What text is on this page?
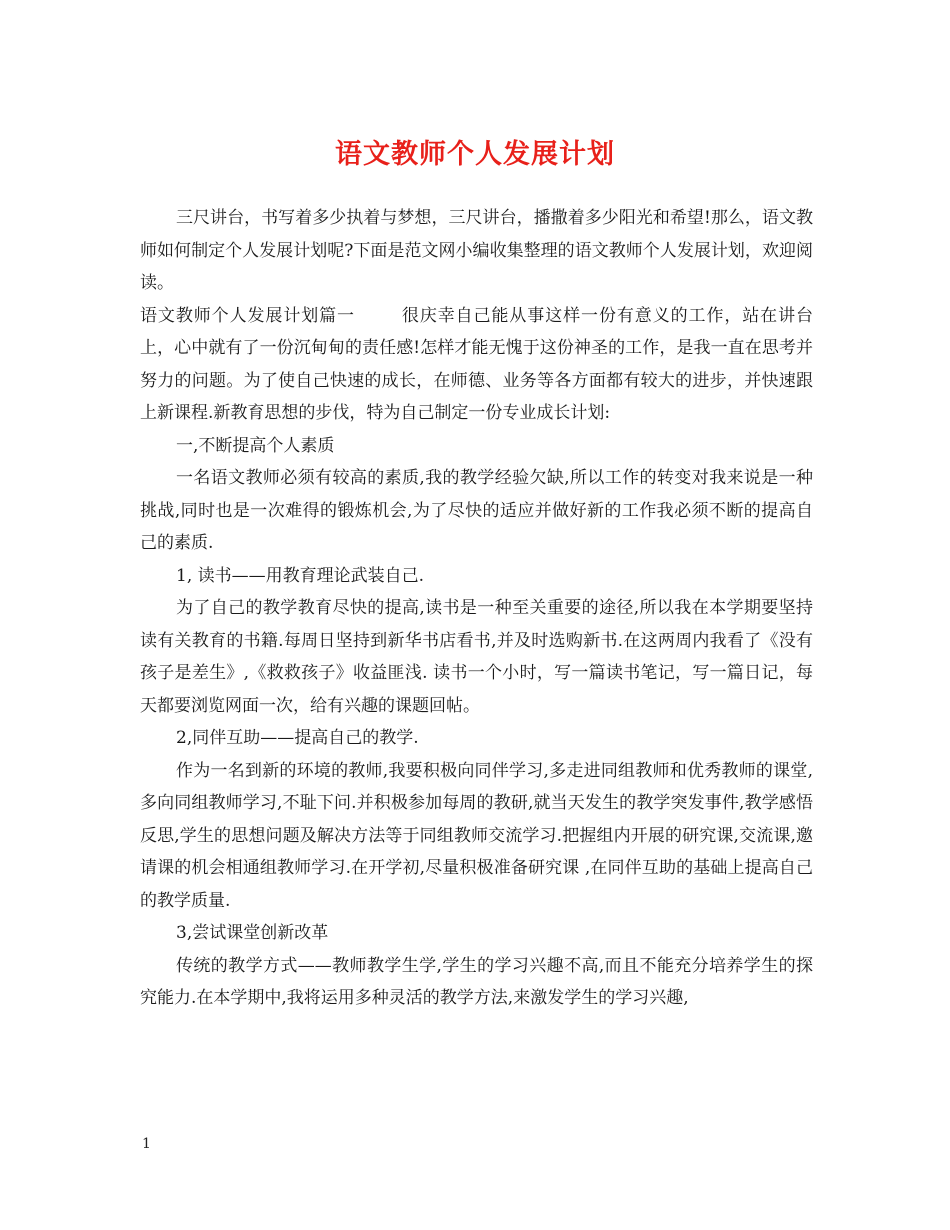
语文教师个人发展计划

三尺讲台，书写着多少执着与梦想，三尺讲台，播撒着多少阳光和希望!那么，语文教师如何制定个人发展计划呢?下面是范文网小编收集整理的语文教师个人发展计划，欢迎阅读。

语文教师个人发展计划篇一	很庆幸自己能从事这样一份有意义的工作，站在讲台上，心中就有了一份沉甸甸的责任感!怎样才能无愧于这份神圣的工作，是我一直在思考并努力的问题。为了使自己快速的成长，在师德、业务等各方面都有较大的进步，并快速跟上新课程.新教育思想的步伐，特为自己制定一份专业成长计划:

一,不断提高个人素质

一名语文教师必须有较高的素质,我的教学经验欠缺,所以工作的转变对我来说是一种挑战,同时也是一次难得的锻炼机会,为了尽快的适应并做好新的工作我必须不断的提高自己的素质.

1, 读书——用教育理论武装自己.

为了自己的教学教育尽快的提高,读书是一种至关重要的途径,所以我在本学期要坚持读有关教育的书籍.每周日坚持到新华书店看书,并及时选购新书.在这两周内我看了《没有孩子是差生》,《救救孩子》收益匪浅. 读书一个小时，写一篇读书笔记，写一篇日记，每天都要浏览网面一次，给有兴趣的课题回帖。

2,同伴互助——提高自己的教学.

作为一名到新的环境的教师,我要积极向同伴学习,多走进同组教师和优秀教师的课堂,多向同组教师学习,不耻下问.并积极参加每周的教研,就当天发生的教学突发事件,教学感悟反思,学生的思想问题及解决方法等于同组教师交流学习.把握组内开展的研究课,交流课,邀请课的机会相通组教师学习.在开学初,尽量积极准备研究课 ,在同伴互助的基础上提高自己的教学质量.

3,尝试课堂创新改革

传统的教学方式——教师教学生学,学生的学习兴趣不高,而且不能充分培养学生的探究能力.在本学期中,我将运用多种灵活的教学方法,来激发学生的学习兴趣,

1
